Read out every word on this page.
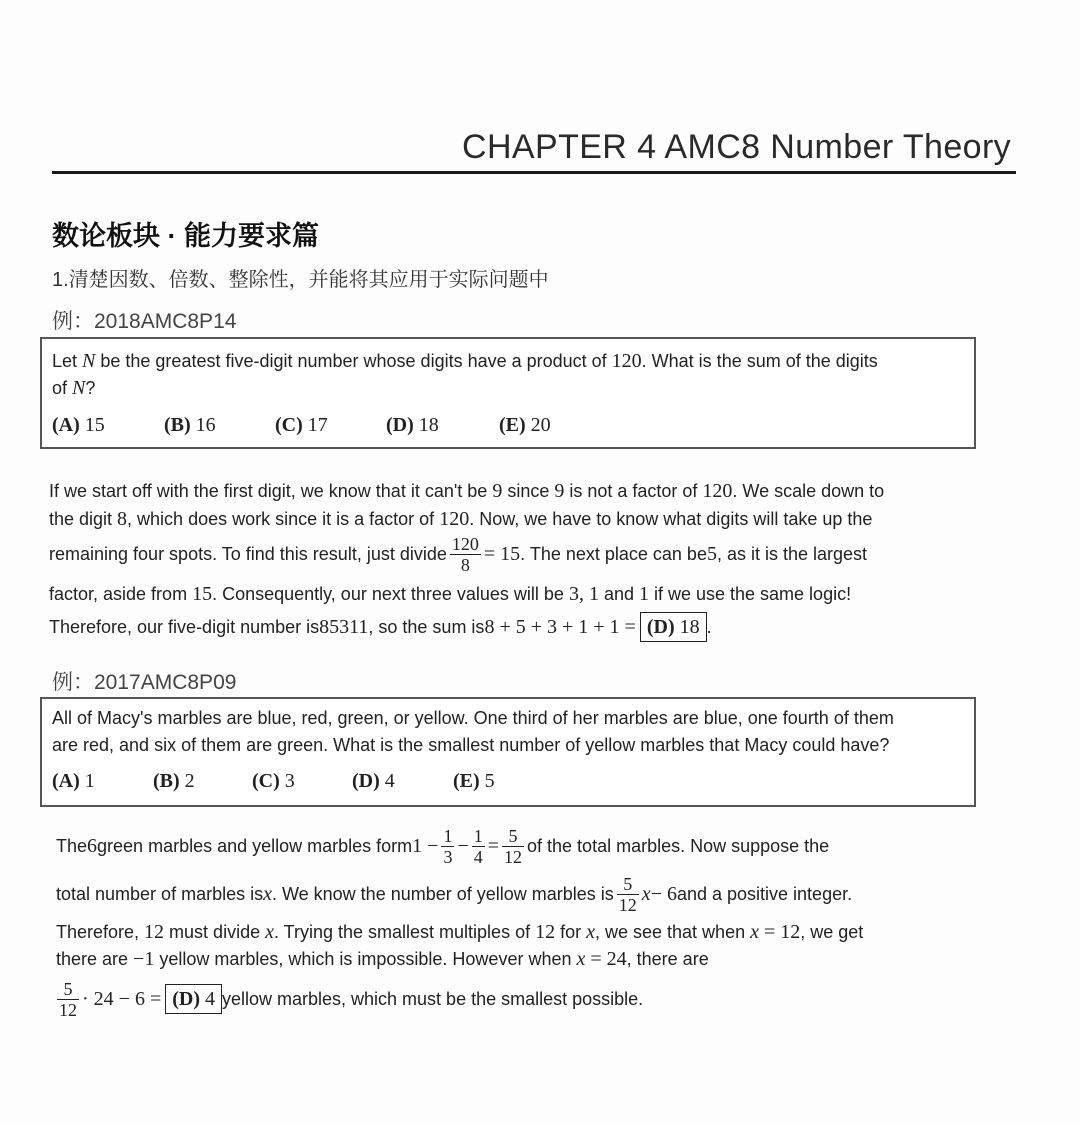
CHAPTER 4 AMC8 Number Theory
数论板块 · 能力要求篇
1.清楚因数、倍数、整除性，并能将其应用于实际问题中
例：2018AMC8P14
Let N be the greatest five-digit number whose digits have a product of 120. What is the sum of the digits
of N?
(A) 15	(B) 16	(C) 17	(D) 18	(E) 20
If we start off with the first digit, we know that it can't be 9 since 9 is not a factor of 120. We scale down to
the digit 8, which does work since it is a factor of 120. Now, we have to know what digits will take up the
remaining four spots. To find this result, just divide $\frac{120}{8} = 15$ . The next place can be 5 , as it is the largest
factor, aside from 15. Consequently, our next three values will be 3, 1 and 1 if we use the same logic!
Therefore, our five-digit number is 85311 , so the sum is 8 + 5 + 3 + 1 + 1 = (D) 18 .
例：2017AMC8P09
All of Macy's marbles are blue, red, green, or yellow. One third of her marbles are blue, one fourth of them
are red, and six of them are green. What is the smallest number of yellow marbles that Macy could have?
(A) 1	(B) 2	(C) 3	(D) 4	(E) 5
The 6 green marbles and yellow marbles form $1 - \frac{1}{3} - \frac{1}{4} = \frac{5}{12}$ of the total marbles. Now suppose the
total number of marbles is x . We know the number of yellow marbles is $\frac{5}{12}$ x − 6 and a positive integer.
Therefore, 12 must divide x. Trying the smallest multiples of 12 for x, we see that when x = 12, we get
there are −1 yellow marbles, which is impossible. However when x = 24, there are
$\frac{5}{12} \cdot 24 - 6 = (D)$ 4 yellow marbles, which must be the smallest possible.
